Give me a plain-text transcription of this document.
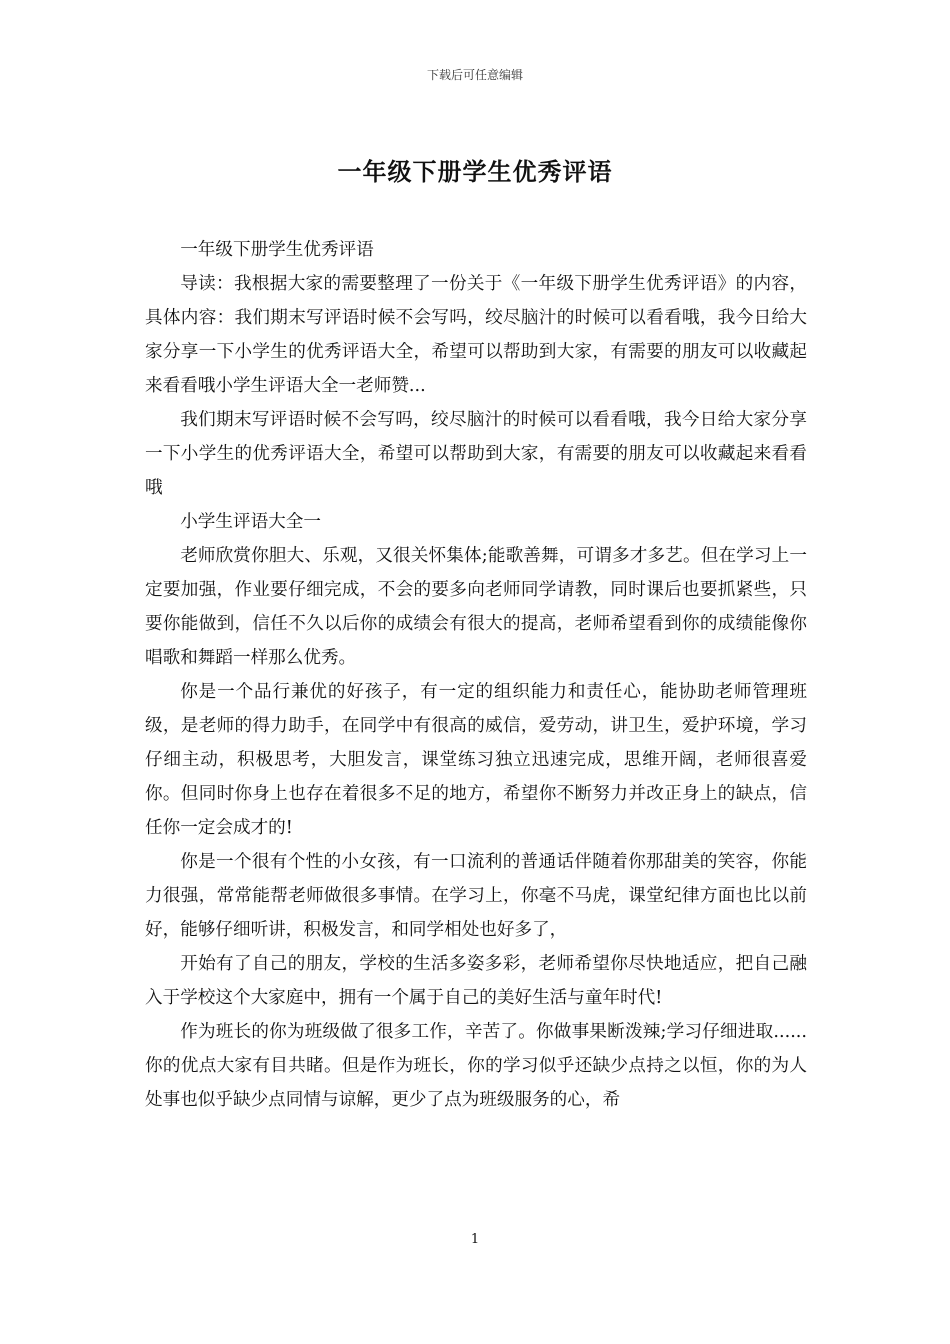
下载后可任意编辑
一年级下册学生优秀评语

一年级下册学生优秀评语

导读：我根据大家的需要整理了一份关于《一年级下册学生优秀评语》的内容，具体内容：我们期末写评语时候不会写吗，绞尽脑汁的时候可以看看哦，我今日给大家分享一下小学生的优秀评语大全，希望可以帮助到大家，有需要的朋友可以收藏起来看看哦小学生评语大全一老师赞...

我们期末写评语时候不会写吗，绞尽脑汁的时候可以看看哦，我今日给大家分享一下小学生的优秀评语大全，希望可以帮助到大家，有需要的朋友可以收藏起来看看哦

小学生评语大全一

老师欣赏你胆大、乐观，又很关怀集体;能歌善舞，可谓多才多艺。但在学习上一定要加强，作业要仔细完成，不会的要多向老师同学请教，同时课后也要抓紧些，只要你能做到，信任不久以后你的成绩会有很大的提高，老师希望看到你的成绩能像你唱歌和舞蹈一样那么优秀。

你是一个品行兼优的好孩子，有一定的组织能力和责任心，能协助老师管理班级，是老师的得力助手，在同学中有很高的威信，爱劳动，讲卫生，爱护环境，学习仔细主动，积极思考，大胆发言，课堂练习独立迅速完成，思维开阔，老师很喜爱你。但同时你身上也存在着很多不足的地方，希望你不断努力并改正身上的缺点，信任你一定会成才的!

你是一个很有个性的小女孩，有一口流利的普通话伴随着你那甜美的笑容，你能力很强，常常能帮老师做很多事情。在学习上，你毫不马虎，课堂纪律方面也比以前好，能够仔细听讲，积极发言，和同学相处也好多了，

开始有了自己的朋友，学校的生活多姿多彩，老师希望你尽快地适应，把自己融入于学校这个大家庭中，拥有一个属于自己的美好生活与童年时代!

作为班长的你为班级做了很多工作，辛苦了。你做事果断泼辣;学习仔细进取......你的优点大家有目共睹。但是作为班长，你的学习似乎还缺少点持之以恒，你的为人处事也似乎缺少点同情与谅解，更少了点为班级服务的心，希

1
